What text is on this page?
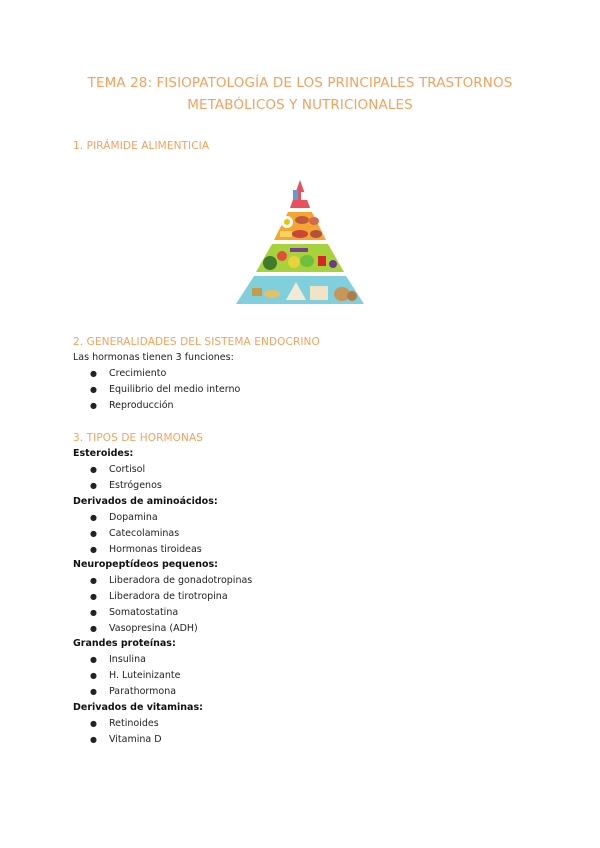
TEMA 28: FISIOPATOLOGÍA DE LOS PRINCIPALES TRASTORNOS
METABÓLICOS Y NUTRICIONALES
1. PIRÁMIDE ALIMENTICIA
2. GENERALIDADES DEL SISTEMA ENDOCRINO
Las hormonas tienen 3 funciones:
● Crecimiento
● Equilibrio del medio interno
● Reproducción
3. TIPOS DE HORMONAS
Esteroides:
● Cortisol
● Estrógenos
Derivados de aminoácidos:
● Dopamina
● Catecolaminas
● Hormonas tiroideas
Neuropeptídeos pequenos:
● Liberadora de gonadotropinas
● Liberadora de tirotropina
● Somatostatina
● Vasopresina (ADH)
Grandes proteínas:
● Insulina
● H. Luteinizante
● Parathormona
Derivados de vitaminas:
● Retinoides
● Vitamina D
